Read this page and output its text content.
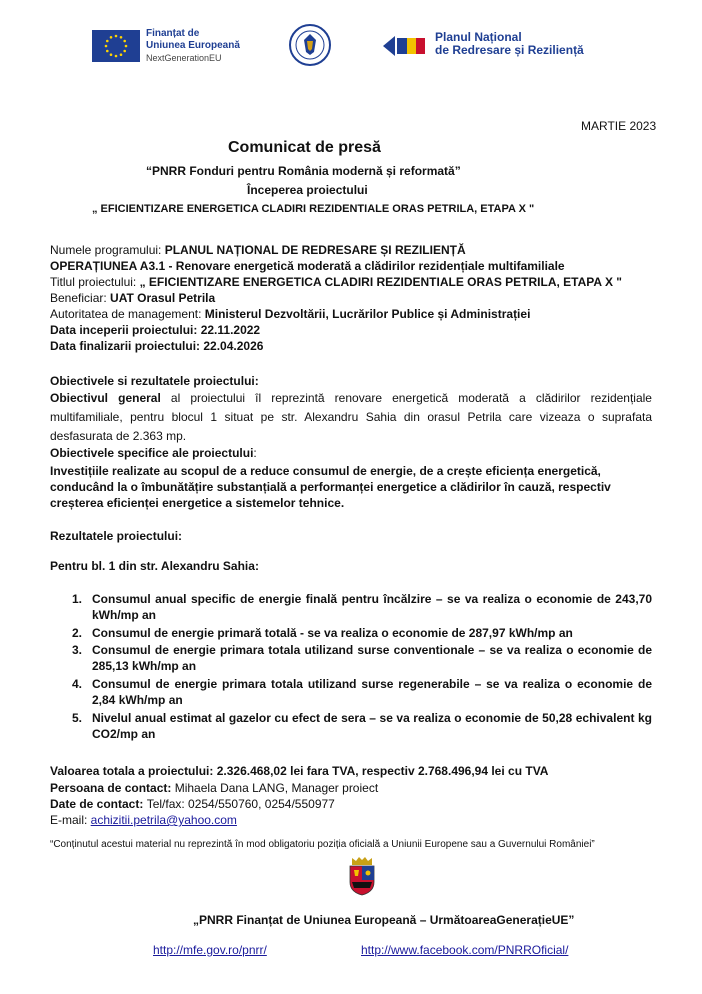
Finanțat de
Uniunea Europeană
NextGenerationEU
Planul Național
de Redresare și Reziliență
MARTIE 2023
Comunicat de presă
“PNRR Fonduri pentru România modernă și reformată”
Începerea proiectului
„ EFICIENTIZARE ENERGETICA CLADIRI REZIDENTIALE ORAS PETRILA, ETAPA X "
Numele programului: PLANUL NAȚIONAL DE REDRESARE ȘI REZILIENȚĂ
OPERAȚIUNEA A3.1 - Renovare energetică moderată a clădirilor rezidențiale multifamiliale
Titlul proiectului: „ EFICIENTIZARE ENERGETICA CLADIRI REZIDENTIALE ORAS PETRILA, ETAPA X "
Beneficiar: UAT Orasul Petrila
Autoritatea de management: Ministerul Dezvoltării, Lucrărilor Publice și Administrației
Data inceperii proiectului: 22.11.2022
Data finalizarii proiectului: 22.04.2026
Obiectivele si rezultatele proiectului:
Obiectivul general al proiectului îl reprezintă renovare energetică moderată a clădirilor rezidențiale multifamiliale, pentru blocul 1 situat pe str. Alexandru Sahia din orasul Petrila care vizeaza o suprafata desfasurata de 2.363 mp.
Obiectivele specifice ale proiectului:
Investițiile realizate au scopul de a reduce consumul de energie, de a crește eficiența energetică,
conducând la o îmbunătățire substanțială a performanței energetice a clădirilor în cauză, respectiv
creșterea eficienței energetice a sistemelor tehnice.
Rezultatele proiectului:
Pentru bl. 1 din str. Alexandru Sahia:
1. Consumul anual specific de energie finală pentru încălzire – se va realiza o economie de 243,70 kWh/mp an
2. Consumul de energie primară totală - se va realiza o economie de 287,97 kWh/mp an
3. Consumul de energie primara totala utilizand surse conventionale – se va realiza o economie de 285,13 kWh/mp an
4. Consumul de energie primara totala utilizand surse regenerabile – se va realiza o economie de 2,84 kWh/mp an
5. Nivelul anual estimat al gazelor cu efect de sera – se va realiza o economie de 50,28 echivalent kg CO2/mp an
Valoarea totala a proiectului: 2.326.468,02 lei fara TVA, respectiv 2.768.496,94 lei cu TVA
Persoana de contact: Mihaela Dana LANG, Manager proiect
Date de contact: Tel/fax: 0254/550760, 0254/550977
E-mail: achizitii.petrila@yahoo.com
“Conținutul acestui material nu reprezintă în mod obligatoriu poziția oficială a Uniunii Europene sau a Guvernului României”
„PNRR Finanțat de Uniunea Europeană – UrmătoareaGenerațieUE”
http://mfe.gov.ro/pnrr/	http://www.facebook.com/PNRROficial/
